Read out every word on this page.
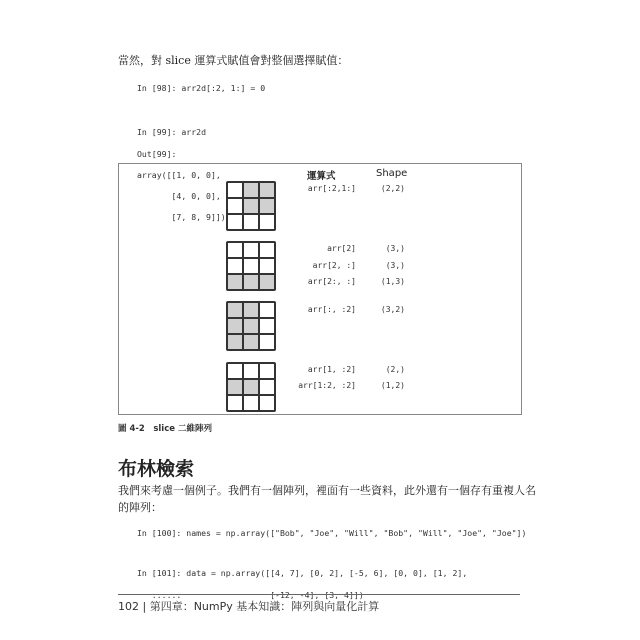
當然，對 slice 運算式賦值會對整個選擇賦值：

In [98]: arr2d[:2, 1:] = 0

In [99]: arr2d

Out[99]:

array([[1, 0, 0],

[4, 0, 0],

[7, 8, 9]])

運算式	Shape
arr[:2,1:]	(2,2)
arr[2]	(3,)
arr[2, :]	(3,)
arr[2:, :]	(1,3)
arr[:, :2]	(3,2)
arr[1, :2]	(2,)
arr[1:2, :2]	(1,2)
圖 4-2　slice 二維陣列
布林檢索
我們來考慮一個例子。我們有一個陣列，裡面有一些資料，此外還有一個存有重複人名
的陣列：

In [100]: names = np.array(["Bob", "Joe", "Will", "Bob", "Will", "Joe", "Joe"])

In [101]: data = np.array([[4, 7], [0, 2], [-5, 6], [0, 0], [1, 2],

102 | 第四章：NumPy 基本知識：陣列與向量化計算
